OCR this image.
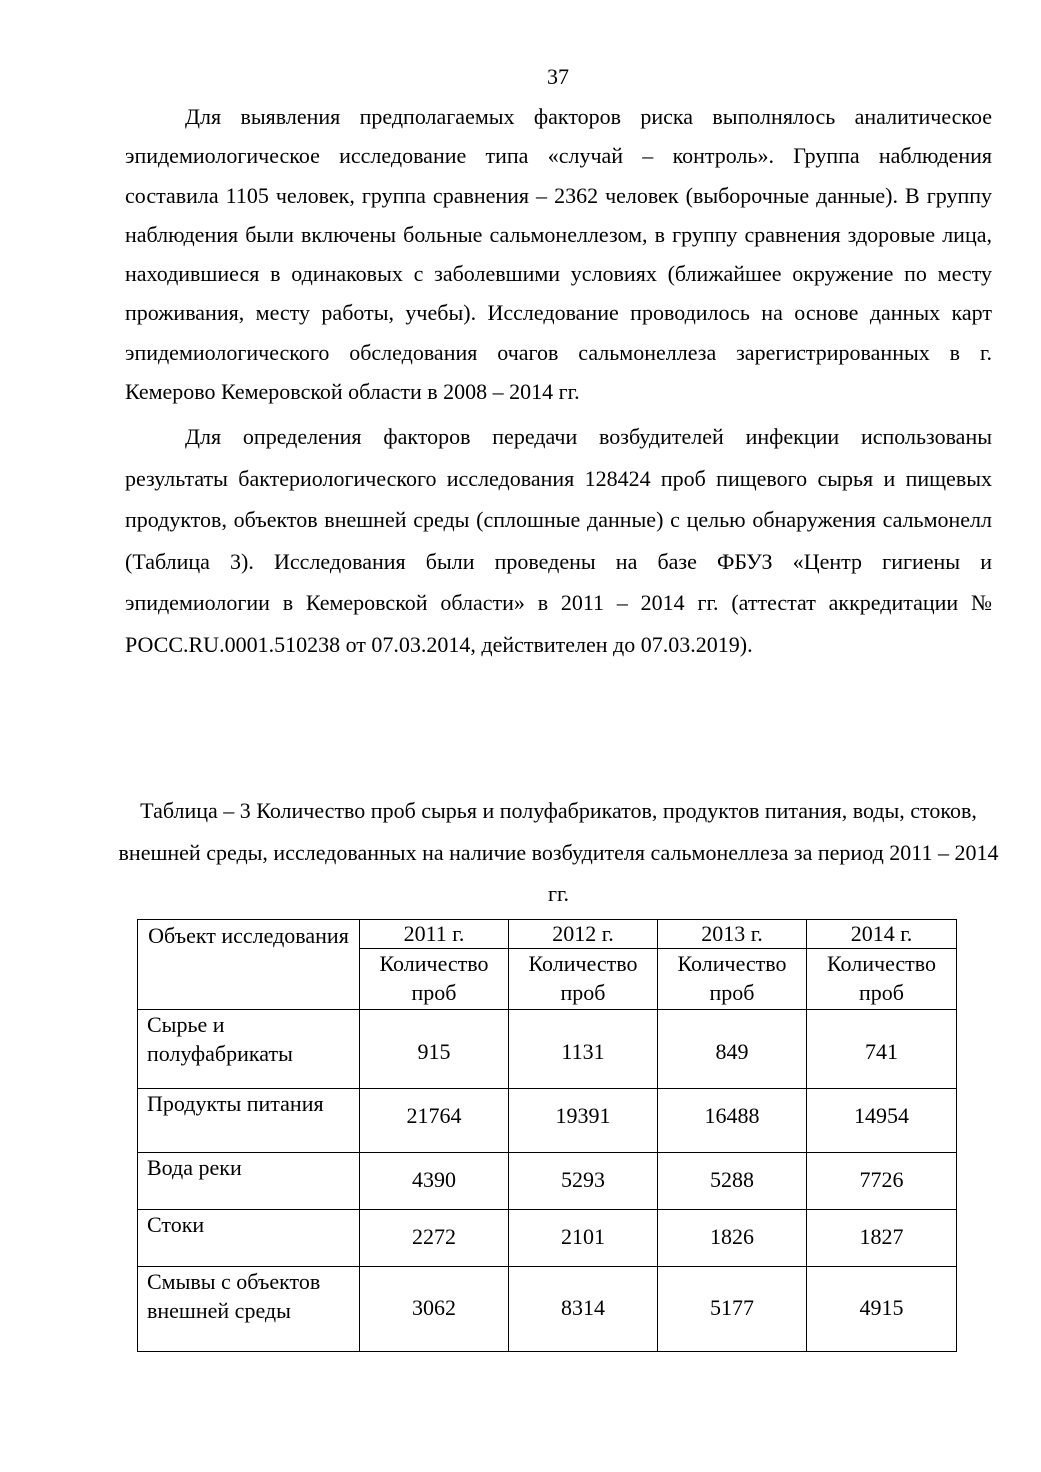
37

Для выявления предполагаемых факторов риска выполнялось аналитическое эпидемиологическое исследование типа «случай – контроль». Группа наблюдения составила 1105 человек, группа сравнения – 2362 человек (выборочные данные). В группу наблюдения были включены больные сальмонеллезом, в группу сравнения здоровые лица, находившиеся в одинаковых с заболевшими условиях (ближайшее окружение по месту проживания, месту работы, учебы). Исследование проводилось на основе данных карт эпидемиологического обследования очагов сальмонеллеза зарегистрированных в г. Кемерово Кемеровской области в 2008 – 2014 гг.

Для определения факторов передачи возбудителей инфекции использованы результаты бактериологического исследования 128424 проб пищевого сырья и пищевых продуктов, объектов внешней среды (сплошные данные) с целью обнаружения сальмонелл (Таблица 3). Исследования были проведены на базе ФБУЗ «Центр гигиены и эпидемиологии в Кемеровской области» в 2011 – 2014 гг. (аттестат аккредитации № РОСС.RU.0001.510238 от 07.03.2014, действителен до 07.03.2019).

Таблица – 3 Количество проб сырья и полуфабрикатов, продуктов питания, воды, стоков, внешней среды, исследованных на наличие возбудителя сальмонеллеза за период 2011 – 2014 гг.

Объект исследования	2011 г.	2012 г.	2013 г.	2014 г.
	Количество проб	Количество проб	Количество проб	Количество проб
Сырье и полуфабрикаты	915	1131	849	741

Продукты питания	21764	19391	16488	14954

Вода реки	4390	5293	5288	7726

Стоки	2272	2101	1826	1827

Смывы с объектов внешней среды	3062	8314	5177	4915
